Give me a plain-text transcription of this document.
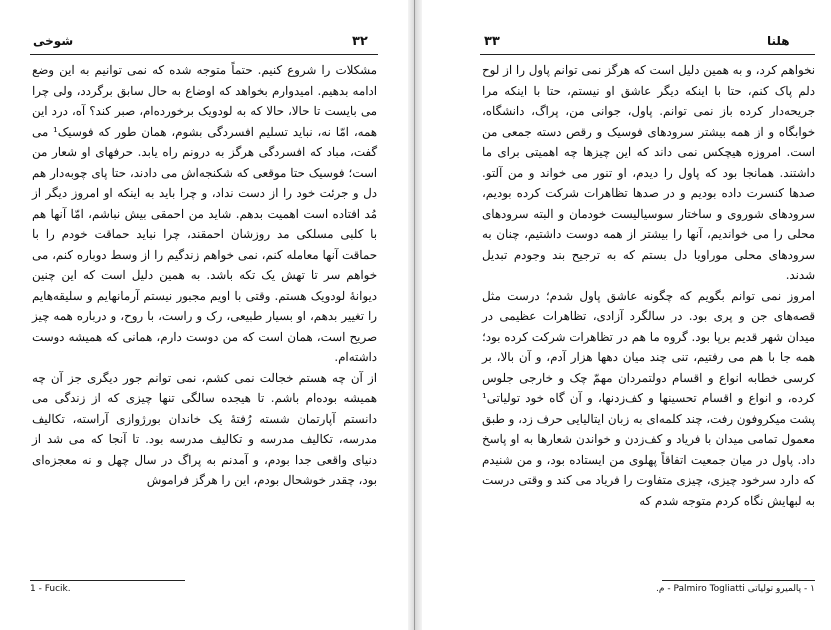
۳۲
شوخی

مشکلات را شروع کنیم. حتماً متوجه شده که نمی توانیم به این وضع ادامه بدهیم. امیدوارم بخواهد که اوضاع به حال سابق برگردد، ولی چرا می بایست تا حالا، حالا که به لودویک برخورده‌ام، صبر کند؟ آه، درد این همه، امّا نه، نباید تسلیم افسردگی بشوم، همان طور که فوسیک¹ می گفت، مباد که افسردگی هرگز به درونم راه یابد. حرفهای او شعار من است؛ فوسیک حتا موقعی که شکنجه‌اش می دادند، حتا پای چوبه‌دار هم دل و جرئت خود را از دست نداد، و چرا باید به اینکه او امروز دیگر از مُد افتاده است اهمیت بدهم. شاید من احمقی بیش نباشم، امّا آنها هم با کلبی مسلکی مد روزشان احمقند، چرا نباید حماقت خودم را با حماقت آنها معامله کنم، نمی خواهم زندگیم را از وسط دوباره کنم، می خواهم سر تا تهش یک تکه باشد. به همین دلیل است که این چنین دیوانهٔ لودویک هستم. وقتی با اویم مجبور نیستم آرمانهایم و سلیقه‌هایم را تغییر بدهم، او بسیار طبیعی، رک و راست، با روح، و درباره همه چیز صریح است، همان است که من دوست دارم، همانی که همیشه دوست داشته‌ام.

از آن چه هستم خجالت نمی کشم، نمی توانم جور دیگری جز آن چه همیشه بوده‌ام باشم. تا هیجده سالگی تنها چیزی که از زندگی می دانستم آپارتمان شسته رُفتهٔ یک خاندان بورژوازی آراسته، تکالیف مدرسه، تکالیف مدرسه و تکالیف مدرسه بود. تا آنجا که می شد از دنیای واقعی جدا بودم، و آمدنم به پراگ در سال چهل و نه معجزه‌ای بود، چقدر خوشحال بودم، این را هرگز فراموش

1 - Fucik.
۳۳	هلنا

نخواهم کرد، و به همین دلیل است که هرگز نمی توانم پاول را از لوح دلم پاک کنم، حتا با اینکه دیگر عاشق او نیستم، حتا با اینکه مرا جریحه‌دار کرده باز نمی توانم. پاول، جوانی من، پراگ، دانشگاه، خوابگاه و از همه بیشتر سرودهای فوسیک و رقص دسته جمعی من است. امروزه هیچکس نمی داند که این چیزها چه اهمیتی برای ما داشتند. همانجا بود که پاول را دیدم، او تنور می خواند و من آلتو. صدها کنسرت داده بودیم و در صدها تظاهرات شرکت کرده بودیم، سرودهای شوروی و ساختار سوسیالیست خودمان و البته سرودهای محلی را می خواندیم، آنها را بیشتر از همه دوست داشتیم، چنان به سرودهای محلی موراویا دل بستم که به ترجیح بند وجودم تبدیل شدند.

امروز نمی توانم بگویم که چگونه عاشق پاول شدم؛ درست مثل قصه‌های جن و پری بود. در سالگرد آزادی، تظاهرات عظیمی در میدان شهر قدیم برپا بود. گروه ما هم در تظاهرات شرکت کرده بود؛ همه جا با هم می رفتیم، تنی چند میان دهها هزار آدم، و آن بالا، بر کرسی خطابه انواع و اقسام دولتمردان مهمّ چک و خارجی جلوس کرده، و انواع و اقسام تحسینها و کف‌زدنها، و آن گاه خود تولیاتی¹ پشت میکروفون رفت، چند کلمه‌ای به زبان ایتالیایی حرف زد، و طبق معمول تمامی میدان با فریاد و کف‌زدن و خواندن شعارها به او پاسخ داد. پاول در میان جمعیت اتفاقاً پهلوی من ایستاده بود، و من شنیدم که دارد سرخود چیزی، چیزی متفاوت را فریاد می کند و وقتی درست به لبهایش نگاه کردم متوجه شدم که

۱ - پالمیرو تولیاتی Palmiro Togliatti - م.
